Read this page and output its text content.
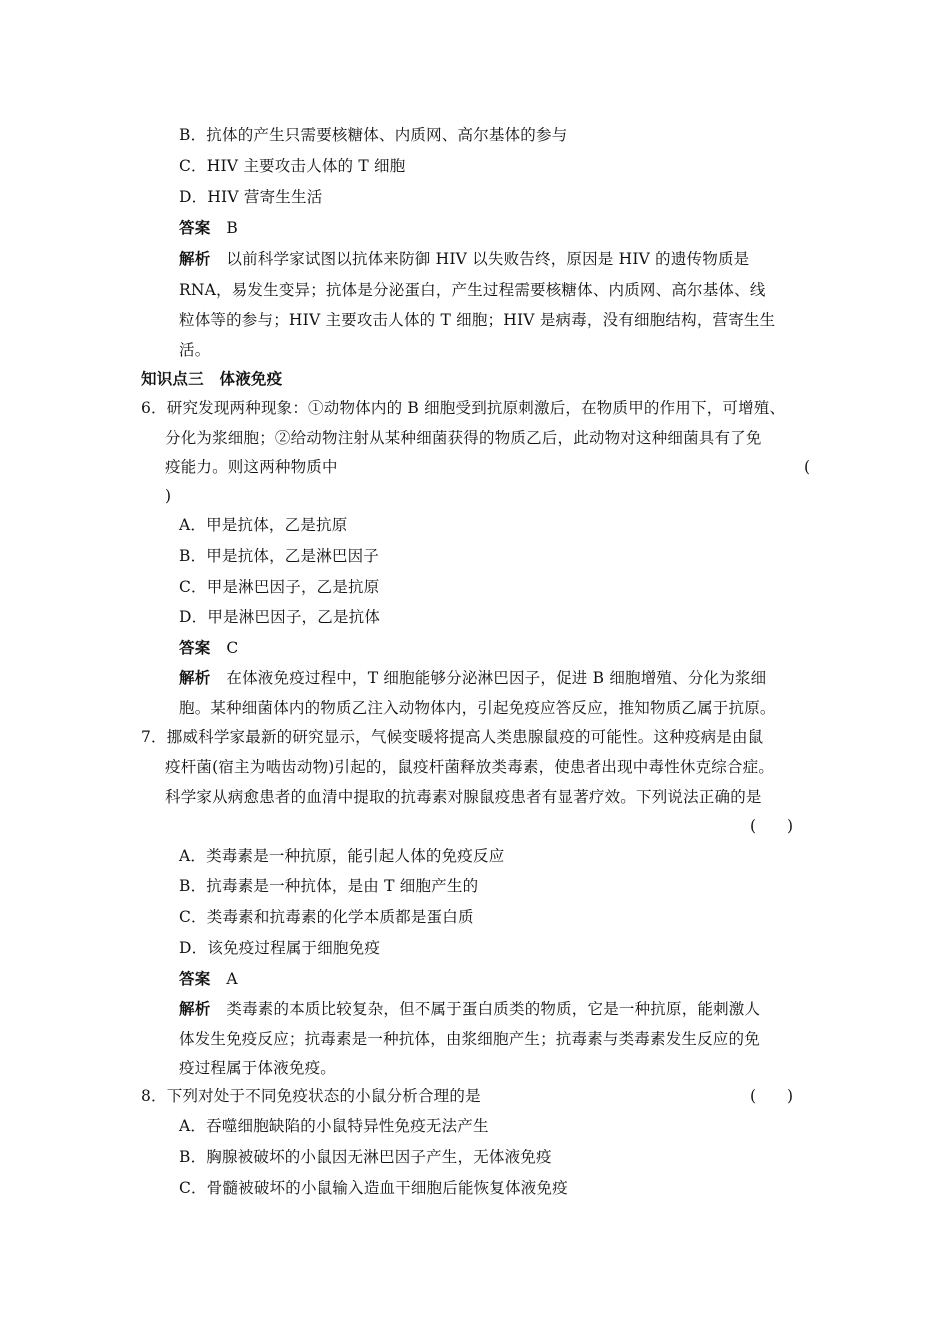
B．抗体的产生只需要核糖体、内质网、高尔基体的参与
C．HIV 主要攻击人体的 T 细胞
D．HIV 营寄生生活
答案 B
解析 以前科学家试图以抗体来防御 HIV 以失败告终，原因是 HIV 的遗传物质是
RNA，易发生变异；抗体是分泌蛋白，产生过程需要核糖体、内质网、高尔基体、线
粒体等的参与；HIV 主要攻击人体的 T 细胞；HIV 是病毒，没有细胞结构，营寄生生
活。
知识点三　体液免疫
6．研究发现两种现象：①动物体内的 B 细胞受到抗原刺激后，在物质甲的作用下，可增殖、
分化为浆细胞；②给动物注射从某种细菌获得的物质乙后，此动物对这种细菌具有了免
疫能力。则这两种物质中	(
)
A．甲是抗体，乙是抗原
B．甲是抗体，乙是淋巴因子
C．甲是淋巴因子，乙是抗原
D．甲是淋巴因子，乙是抗体
答案 C
解析 在体液免疫过程中，T 细胞能够分泌淋巴因子，促进 B 细胞增殖、分化为浆细
胞。某种细菌体内的物质乙注入动物体内，引起免疫应答反应，推知物质乙属于抗原。
7．挪威科学家最新的研究显示，气候变暖将提高人类患腺鼠疫的可能性。这种疫病是由鼠
疫杆菌(宿主为啮齿动物)引起的，鼠疫杆菌释放类毒素，使患者出现中毒性休克综合症。
科学家从病愈患者的血清中提取的抗毒素对腺鼠疫患者有显著疗效。下列说法正确的是
(　　)
A．类毒素是一种抗原，能引起人体的免疫反应
B．抗毒素是一种抗体，是由 T 细胞产生的
C．类毒素和抗毒素的化学本质都是蛋白质
D．该免疫过程属于细胞免疫
答案 A
解析 类毒素的本质比较复杂，但不属于蛋白质类的物质，它是一种抗原，能刺激人
体发生免疫反应；抗毒素是一种抗体，由浆细胞产生；抗毒素与类毒素发生反应的免
疫过程属于体液免疫。
8．下列对处于不同免疫状态的小鼠分析合理的是	(　　)
A．吞噬细胞缺陷的小鼠特异性免疫无法产生
B．胸腺被破坏的小鼠因无淋巴因子产生，无体液免疫
C．骨髓被破坏的小鼠输入造血干细胞后能恢复体液免疫
